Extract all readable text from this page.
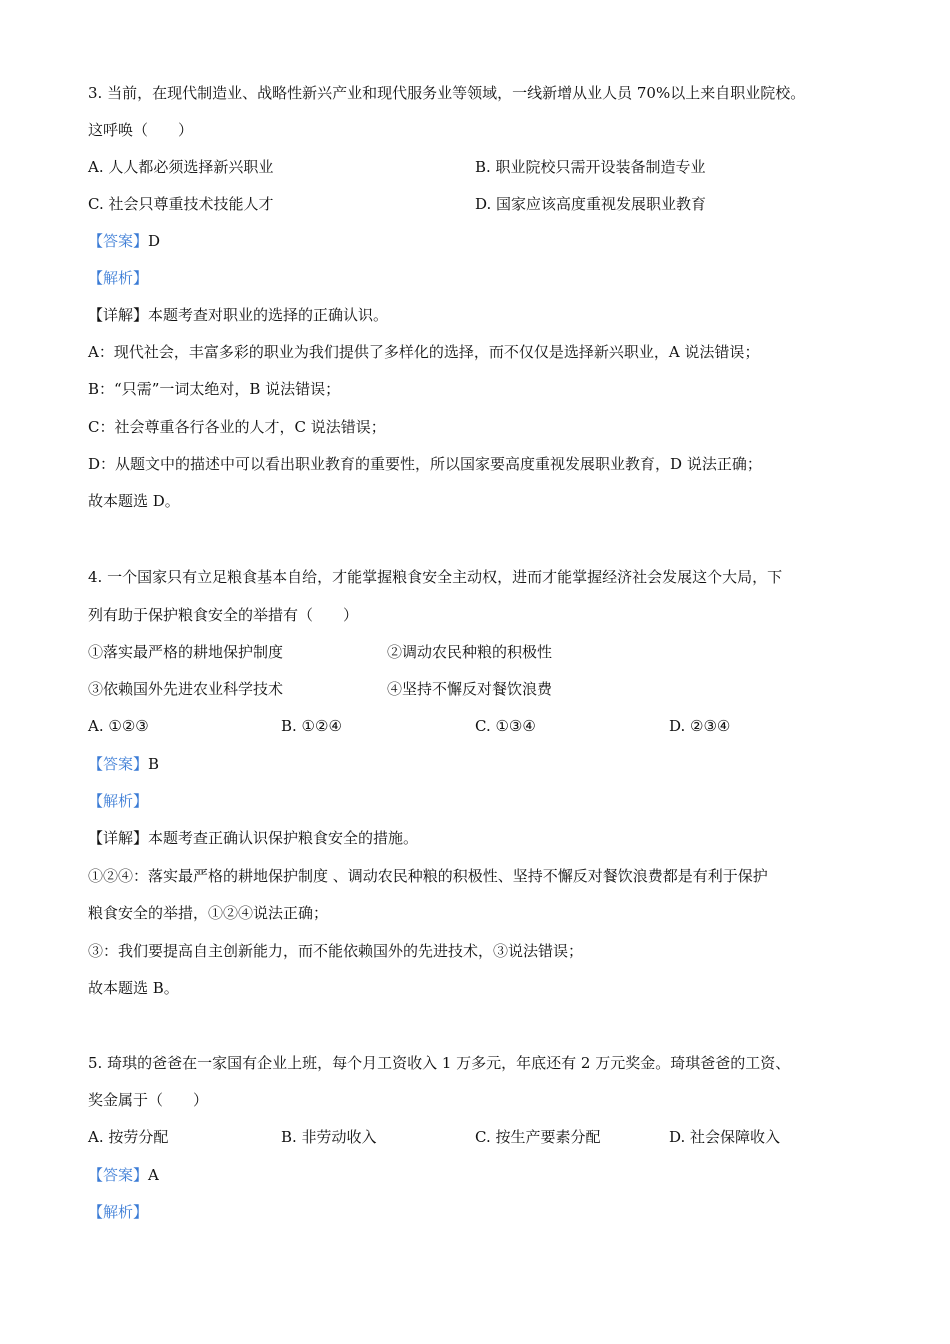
3. 当前，在现代制造业、战略性新兴产业和现代服务业等领域，一线新增从业人员 70%以上来自职业院校。
这呼唤（　　）
A. 人人都必须选择新兴职业	B. 职业院校只需开设装备制造专业
C. 社会只尊重技术技能人才	D. 国家应该高度重视发展职业教育
【答案】D
【解析】
【详解】本题考查对职业的选择的正确认识。
A：现代社会，丰富多彩的职业为我们提供了多样化的选择，而不仅仅是选择新兴职业，A 说法错误；
B：“只需”一词太绝对，B 说法错误；
C：社会尊重各行各业的人才，C 说法错误；
D：从题文中的描述中可以看出职业教育的重要性，所以国家要高度重视发展职业教育，D 说法正确；
故本题选 D。
4. 一个国家只有立足粮食基本自给，才能掌握粮食安全主动权，进而才能掌握经济社会发展这个大局，下
列有助于保护粮食安全的举措有（　　）
①落实最严格的耕地保护制度	②调动农民种粮的积极性
③依赖国外先进农业科学技术	④坚持不懈反对餐饮浪费
A. ①②③	B. ①②④	C. ①③④	D. ②③④
【答案】B
【解析】
【详解】本题考查正确认识保护粮食安全的措施。
①②④：落实最严格的耕地保护制度 、调动农民种粮的积极性、坚持不懈反对餐饮浪费都是有利于保护
粮食安全的举措，①②④说法正确；
③：我们要提高自主创新能力，而不能依赖国外的先进技术，③说法错误；
故本题选 B。
5. 琦琪的爸爸在一家国有企业上班，每个月工资收入 1 万多元，年底还有 2 万元奖金。琦琪爸爸的工资、
奖金属于（　　）
A. 按劳分配	B. 非劳动收入	C. 按生产要素分配	D. 社会保障收入
【答案】A
【解析】
